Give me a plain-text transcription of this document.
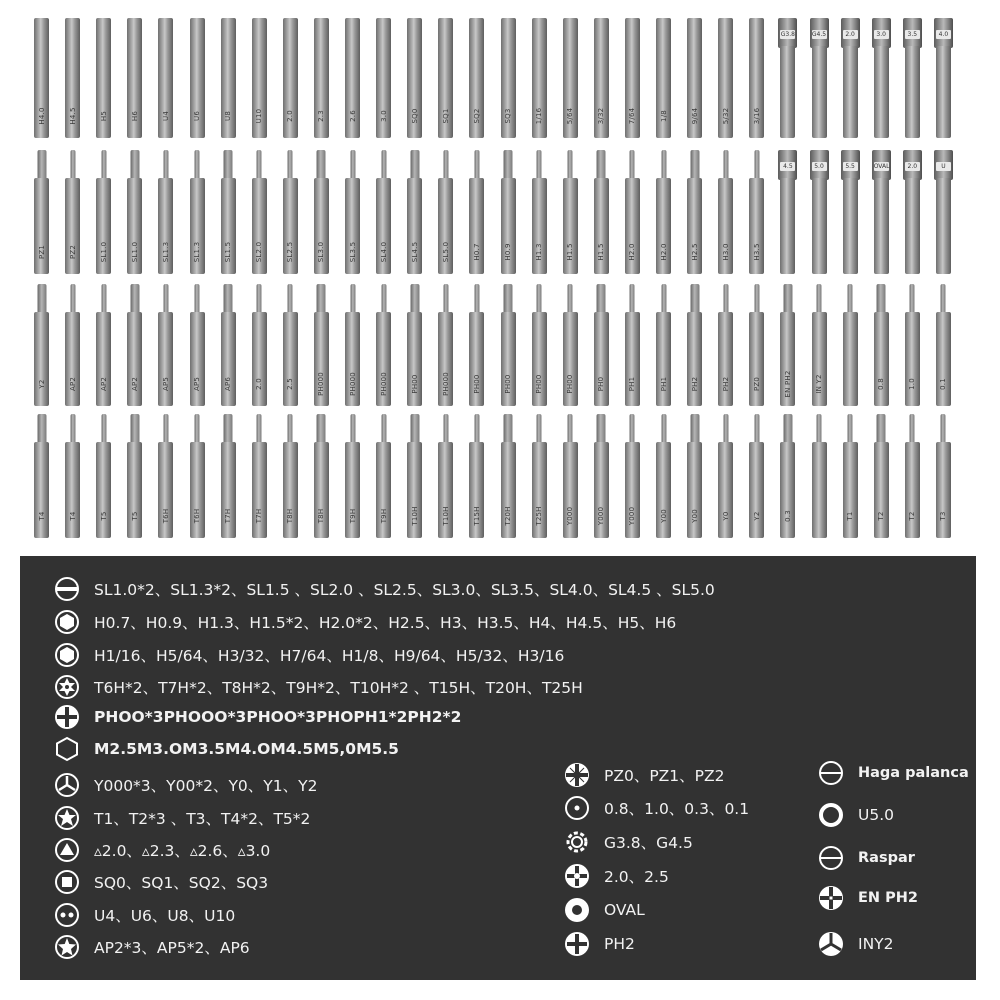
H4.0	H4.5	H5	H6	U4	U6	U8	U10	2.0	2.3	2.6	3.0	SQ0	SQ1	SQ2	SQ3	1/16	5/64	3/32	7/64	1/8	9/64	5/32	3/16
G3.8	G4.5	2.0	3.0	3.5	4.0
PZ1	PZ2	SL1.0	SL1.0	SL1.3	SL1.3	SL1.5	SL2.0	SL2.5	SL3.0	SL3.5	SL4.0	SL4.5	SL5.0	H0.7	H0.9	H1.3	H1.5	H1.5	H2.0	H2.0	H2.5	H3.0	H3.5
4.5	5.0	5.5	OVAL	2.0	U
Y2	AP2	AP2	AP2	AP5	AP5	AP6	2.0	2.5	PH000	PH000	PH000	PH00	PH000	PH00	PH00	PH00	PH00	PH0	PH1	PH1	PH2	PH2	PZ0	EN PH2	IN Y2	0.8	1.0	0.1
T4	T4	T5	T5	T6H	T6H	T7H	T7H	T8H	T8H	T9H	T9H	T10H	T10H	T15H	T20H	T25H	Y000	Y000	Y000	Y00	Y00	Y0	Y2	0.3	T1	T2	T2	T3
SL1.0*2、SL1.3*2、SL1.5 、SL2.0 、SL2.5、SL3.0、SL3.5、SL4.0、SL4.5 、SL5.0
H0.7、H0.9、H1.3、H1.5*2、H2.0*2、H2.5、H3、H3.5、H4、H4.5、H5、H6
H1/16、H5/64、H3/32、H7/64、H1/8、H9/64、H5/32、H3/16
T6H*2、T7H*2、T8H*2、T9H*2、T10H*2 、T15H、T20H、T25H
PHOO*3PHOOO*3PHOO*3PHOPH1*2PH2*2
M2.5M3.OM3.5M4.OM4.5M5,0M5.5
Y000*3、Y00*2、Y0、Y1、Y2
T1、T2*3 、T3、T4*2、T5*2
▵2.0、▵2.3、▵2.6、▵3.0
SQ0、SQ1、SQ2、SQ3
U4、U6、U8、U10
AP2*3、AP5*2、AP6
PZ0、PZ1、PZ2
0.8、1.0、0.3、0.1
G3.8、G4.5
2.0、2.5
OVAL
PH2
Haga palanca
U5.0
Raspar
EN PH2
INY2
